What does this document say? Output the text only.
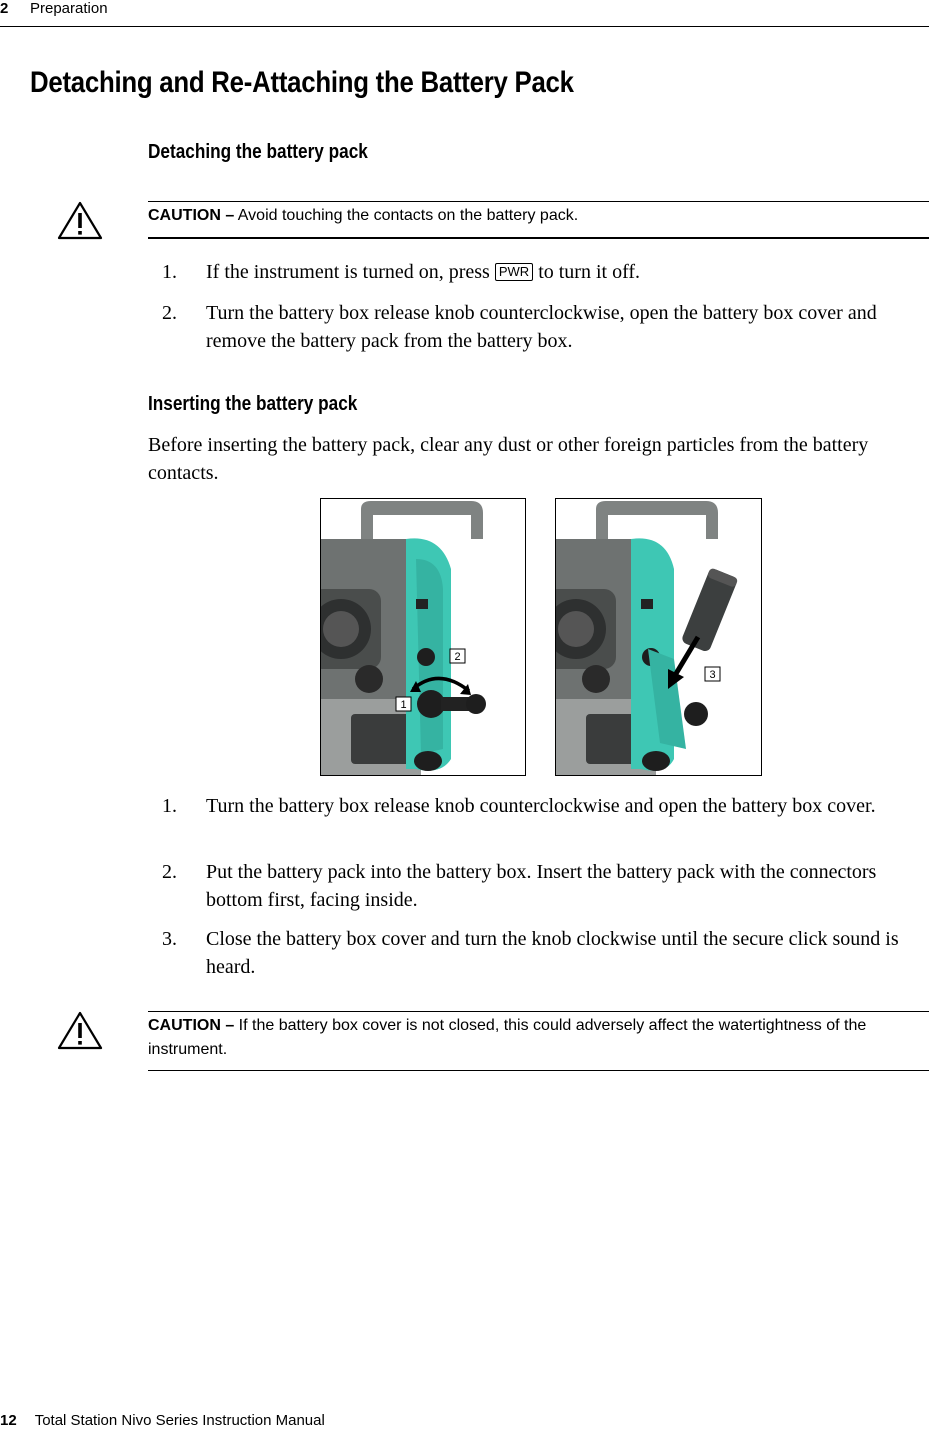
2 Preparation
Detaching and Re-Attaching the Battery Pack
Detaching the battery pack
CAUTION – Avoid touching the contacts on the battery pack.
1. If the instrument is turned on, press PWR to turn it off.
2. Turn the battery box release knob counterclockwise, open the battery box cover and remove the battery pack from the battery box.
Inserting the battery pack
Before inserting the battery pack, clear any dust or other foreign particles from the battery contacts.
2
1
3
1. Turn the battery box release knob counterclockwise and open the battery box cover.
2. Put the battery pack into the battery box. Insert the battery pack with the connectors bottom first, facing inside.
3. Close the battery box cover and turn the knob clockwise until the secure click sound is heard.
CAUTION – If the battery box cover is not closed, this could adversely affect the watertightness of the instrument.
12 Total Station Nivo Series Instruction Manual
